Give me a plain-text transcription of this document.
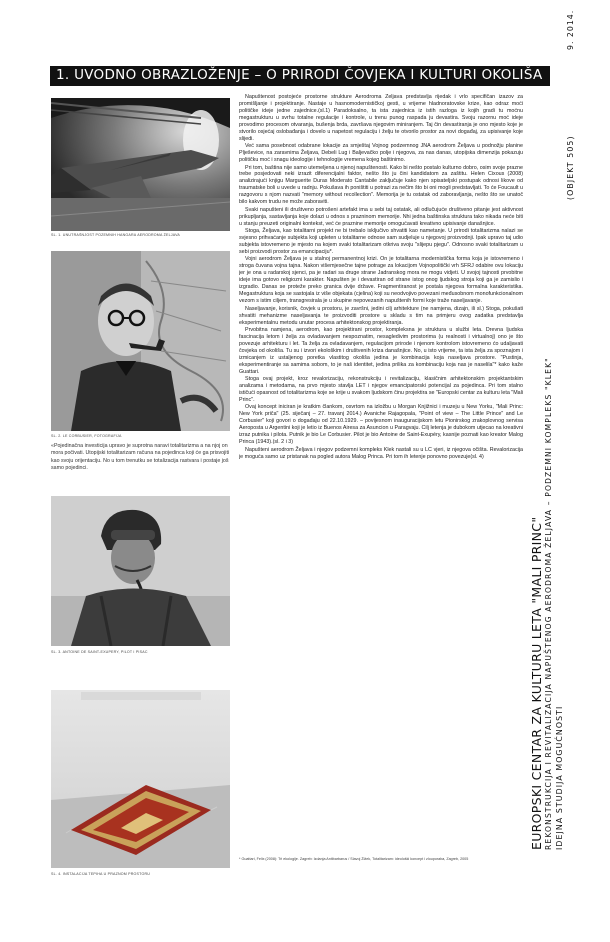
1. UVODNO OBRAZLOŽENJE – O PRIRODI ČOVJEKA I KULTURI OKOLIŠA
SL. 1. UNUTRAŠNJOST POZEMNIH HANGARA AERODROMA ŽELJAVA
SL. 2. LE CORBUSIER, FOTOGRAFIJA

«Pojedinačna investicija upravo je suprotna naravi totalitarizma a na njoj on mora počivati. Utopijski totalitarizam računa na pojedinca koji će ga prisvojiti kao svoju orijentaciju. No u tom trenutku se totalizacija rastvara i postaje još samo pojedinci.

SL. 3. ANTOINE DE SAINT-EXUPERY, PILOT I PISAC
SL. 4. INSTALACIJA TEPIHA U PRAZNOM PROSTORU

Napuštenost postojeće prostorne strukture Aerodroma Željava predstavlja rijedak i vrlo specifičan izazov za promišljanje i projektiranje. Nastaje u hasnomodernističkoj gesti, u vrijeme hladnoratovske krize, kao odraz moći političke ideje jedne zajednice.(sl.1) Paradoksalno, ta ista zajednica iz istih razloga iz kojih gradi tu moćnu megastrukturu u svrhu totalne regulacije i kontrole, u trenu punog raspada ju devastira. Svoju razornu moć ideje provodimo procesom otvaranja, bušenja brda, završava njegovim miniranjem. Taj čin devastiranja je ono mjesto koje je stvorilo osjećaj oslobađanja i dovelo u napetost regulaciju i želju te otvorilo prostor za novi događaj, za upisivanje koje slijedi.

Već sama posebnost odabrane lokacije za smještaj Vojnog podzemnog JNA aerodrom Željava u podnožju planine Plješevice, na zaravnima Željava, Debeli Lug i Baljevačko polje i njegova, za nas danas, utopijska dimenzija pokazuju političku moć i snagu ideologije i tehnologije vremena kojeg baštinimo.

Pri tom, baština nije samo utemeljena u njenoj napuštenosti. Kako bi nešto postalo kulturno dobro, osim svoje prazne trebe posjedovati neki izrazit diferencijalni faktor, nešto što ju čini kandidatom za zaštitu. Helen Cixous (2008) analizirajući knjigu Marguerite Duras Moderato Cantabile zaključuje kako njen spisateljski postupak odnosi likove od traumatske boli u uvede u radnju. Pokušava ih poništiti u potrazi za nečim što bi oni mogli predstavljati. To će Foucault u razgovoru s njom nazvati "memory without recollection". Memorija je tu ostatak od zaboravljanja, nešto što se unatoč bilo kakvom trudu ne može zaboraviti.

Svaki napušteni ili društveno potrošeni artefakt ima u sebi taj ostatak, ali odlučujuće društveno pitanje jest aktivnost prikupljanja, sastavljanja koje dolazi u odnos s prazninom memorije. Nhi jedna baštinska struktura tako nikada neće biti u stanju preuzeti originalni kontekst, već će praznine memorije omogućavati kreativno upisivanje današnjice.

Stoga, Željava, kao totalitarni projekt ne bi trebalo isključivo shvatiti kao nametanje. U prirodi totalitarizma nalazi se svjesno prihvaćanje subjekta koji upleten u totalitarne odnose sam sudjeluje u njegovoj proizvodnji. Ipak upravo taj udio subjekta istovremeno je mjesto na kojem svaki totalitarizam otkriva svoju "slijepu pjegu". Odnosno svaki totalitarizam u sebi proizvodi prostor za emancipaciju*.

Vojni aerodrom Željava je u stalnoj permanentnoj krizi. On je totalitarna modernistička forma koja je istovremeno i stroga čuvana vojna tajna. Nakon višemjesečne tajne potrage za lokacijom Vojnopolitički vrh SFRJ odabire ovu lokaciju jer je ona u radarskoj sjenci, pa je radari sa druge strane Jadranskog mora ne mogu vidjeti. U svojoj tajnosti prvobitne ideje ima gotovo religiozni karakter. Napušten je i devastiran od strane istog onog ljudskog stroja koji ga je zamislio i izgradio. Danas se proteže preko granica dvije države. Fragmentiranost je postala njegova formalna karakteristika. Megastruktura koja se sastojala iz više objekata (cjelina) koji su neodvojivo povezani međusobnom monofunkcionalnom vezom s istim ciljem, transgresirala je u skupine nepovezanih napuštenih formi koje traže naseljavanje.

Naseljavanje, korisnik, čovjek u prostoru, je završni, jedini cilj arhitekture (ne namjena, dizajn, ili sl.) Stoga, pokušati shvatiti mehanizme naseljavanja te proizvoditi prostore u skladu s tim na primjeru ovog zadatka predstavlja eksperimentalnu metodu unutar procesa arhitektonskog projektiranja.

Prvobitna namjena, aerodrom, kao projektirani prostor, kompleksna je struktura u službi leta. Drevna ljudska fascinacija letom i želja za ovladavanjem nespoznatim, nesagledivim prostorima (u realnosti i virtualnoj) ono je što povezuje arhitekturu i let. Ta želja za ovladavanjem, regulacijom prirode i njenom kontrolom istovremeno ćo udaljavati čovjeka od okoliša. Tu su i izvori ekološkim i društvenih kriza današnjice. No, u isto vrijeme, ta ista želja za spoznajom i izmicanjem iz ustaljenog poretka vlastitog okoliša jedina je kombinacija koja naseljava prostore. "Pustinja, eksperimentiranje sa samima sobom, to je naš identitet, jedina prilika za kombinaciju koja nas je naselila"* kako kaže Guattari.

Stoga ovaj projekt, kroz revalorizaciju, rekonstrukciju i revitalizaciju, klasičnim arhitektonskim projektantskim analizama i metodama, na prvo mjesto stavlja LET i njegov emancipatorski potencijal za pojedinca. Pri tom stalno ističući opasnost od totalitarizma koje se krije u svakom ljudskom činu projektira se "Europski centar za kulturu leta "Mali Princ".

Ovaj koncept iniciran je kratkim člankom, osvrtom na izložbu u Morgan Knjižnici i muzeju u New Yorku, "Mali Princ: New York priča" (25. siječanj – 27. travanj 2014.) Avaniche Rajagopala, "Point of view – The Little Prince" and Le Corbusier" koji govori o događaju od 22.10.1929. – povijesnom inauguracijskom letu Pionirskog zrakoplovnog servisa Aeroposta u Argentini koji je letio iz Buenos Airesa za Asuncion u Paragvaju. Cilj letenja je dubokom utjecao na kreativni izraz putnika i pilota. Putnik je bio Le Corbusier. Pilot je bio Antoine de Saint-Exupéry, kasnije poznati kao kreator Malog Princa (1943).(sl. 2 i 3)

Napušteni aerodrom Željava i njegov podzemni kompleks Klek nastali su u LC vjeri, iz njegova očišta. Revalorizacija je moguća samo uz pristanak na pogled autora Malog Princa. Pri tom ih letenje ponovno povezuje(sl. 4)

* Guattari, Felix (2008): Tri ekologije. Zagreb: Izdanja Antibarbarus / Slavoj Žižek, Totalitarizam: ideološki koncept i zlouporaba, Zagreb, 2005
EUROPSKI CENTAR ZA KULTURU LETA "MALI PRINC" REKONSTRUKCIJA I REVITALIZACIJA NAPUŠTENOG AERODROMA ŽELJAVA – PODZEMNI KOMPLEKS "KLEK" IDEJNA STUDIJA MOGUĆNOSTI
(OBJEKT 505)
9. 2014.
